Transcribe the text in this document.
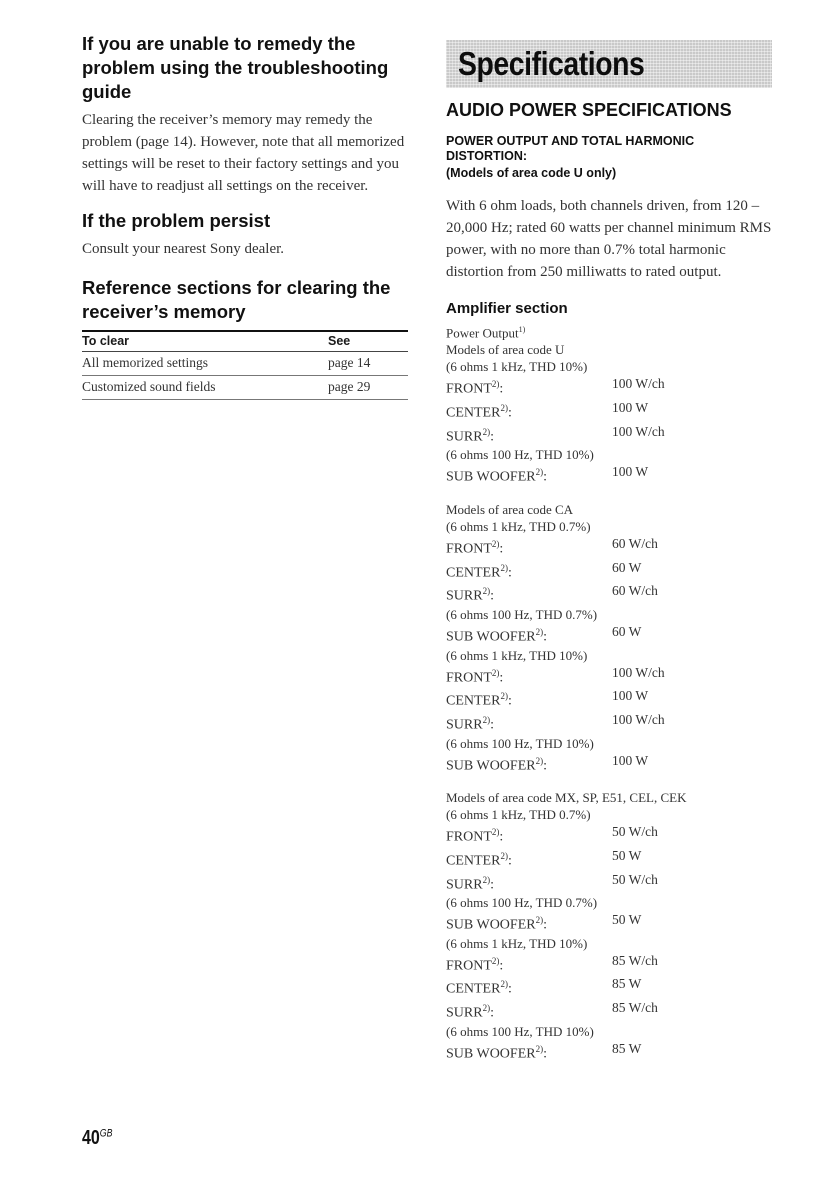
If you are unable to remedy the problem using the troubleshooting guide

Clearing the receiver’s memory may remedy the problem (page 14). However, note that all memorized settings will be reset to their factory settings and you will have to readjust all settings on the receiver.

If the problem persist

Consult your nearest Sony dealer.

Reference sections for clearing the receiver’s memory
To clear	See
All memorized settings	page 14
Customized sound fields	page 29
Specifications
AUDIO POWER SPECIFICATIONS
POWER OUTPUT AND TOTAL HARMONIC DISTORTION:
(Models of area code U only)

With 6 ohm loads, both channels driven, from 120 – 20,000 Hz; rated 60 watts per channel minimum RMS power, with no more than 0.7% total harmonic distortion from 250 milliwatts to rated output.

Amplifier section
Power Output$^{1)}$
Models of area code U
(6 ohms 1 kHz, THD 10%)
FRONT$^{2)}$:	100 W/ch
CENTER$^{2)}$:	100 W
SURR$^{2)}$:	100 W/ch
(6 ohms 100 Hz, THD 10%)
SUB WOOFER$^{2)}$:	100 W
Models of area code CA
(6 ohms 1 kHz, THD 0.7%)
FRONT$^{2)}$:	60 W/ch
CENTER$^{2)}$:	60 W
SURR$^{2)}$:	60 W/ch
(6 ohms 100 Hz, THD 0.7%)
SUB WOOFER$^{2)}$:	60 W
(6 ohms 1 kHz, THD 10%)
FRONT$^{2)}$:	100 W/ch
CENTER$^{2)}$:	100 W
SURR$^{2)}$:	100 W/ch
(6 ohms 100 Hz, THD 10%)
SUB WOOFER$^{2)}$:	100 W
Models of area code MX, SP, E51, CEL, CEK
(6 ohms 1 kHz, THD 0.7%)
FRONT$^{2)}$:	50 W/ch
CENTER$^{2)}$:	50 W
SURR$^{2)}$:	50 W/ch
(6 ohms 100 Hz, THD 0.7%)
SUB WOOFER$^{2)}$:	50 W
(6 ohms 1 kHz, THD 10%)
FRONT$^{2)}$:	85 W/ch
CENTER$^{2)}$:	85 W
SURR$^{2)}$:	85 W/ch
(6 ohms 100 Hz, THD 10%)
SUB WOOFER$^{2)}$:	85 W
$40^{GB}$
